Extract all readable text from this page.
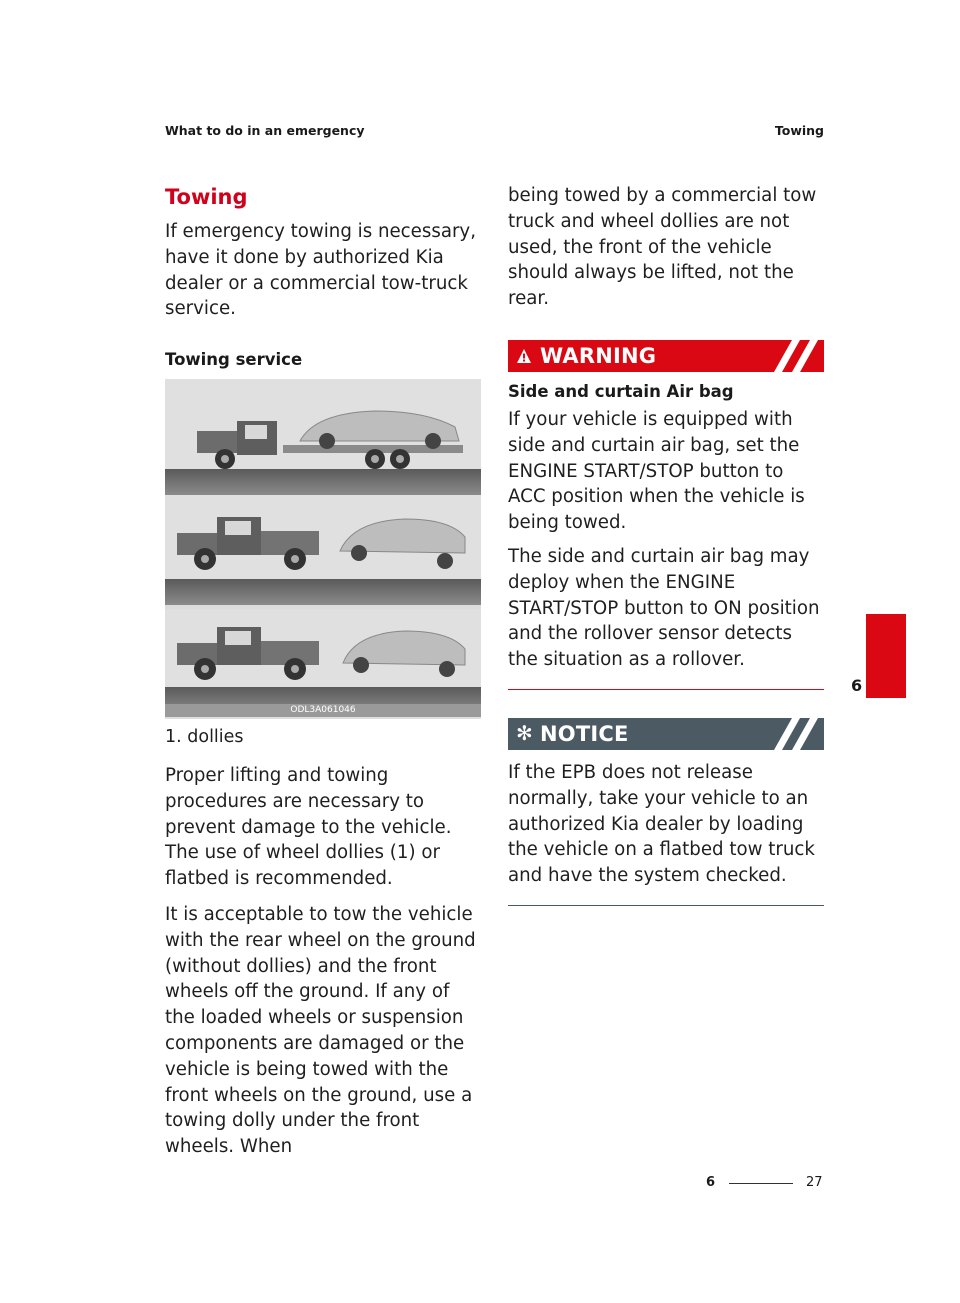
What to do in an emergency	Towing
Towing

If emergency towing is necessary, have it done by authorized Kia dealer or a commercial tow-truck service.

Towing service
ODL3A061046

1. dollies

Proper lifting and towing procedures are necessary to prevent damage to the vehicle. The use of wheel dollies (1) or flatbed is recommended.

It is acceptable to tow the vehicle with the rear wheel on the ground (without dollies) and the front wheels off the ground. If any of the loaded wheels or suspension components are damaged or the vehicle is being towed with the front wheels on the ground, use a towing dolly under the front wheels. When

being towed by a commercial tow truck and wheel dollies are not used, the front of the vehicle should always be lifted, not the rear.

WARNING
Side and curtain Air bag

If your vehicle is equipped with side and curtain air bag, set the ENGINE START/STOP button to ACC position when the vehicle is being towed.

The side and curtain air bag may deploy when the ENGINE START/STOP button to ON position and the rollover sensor detects the situation as a rollover.

✻ NOTICE

If the EPB does not release normally, take your vehicle to an authorized Kia dealer by loading the vehicle on a flatbed tow truck and have the system checked.

6
6	27
